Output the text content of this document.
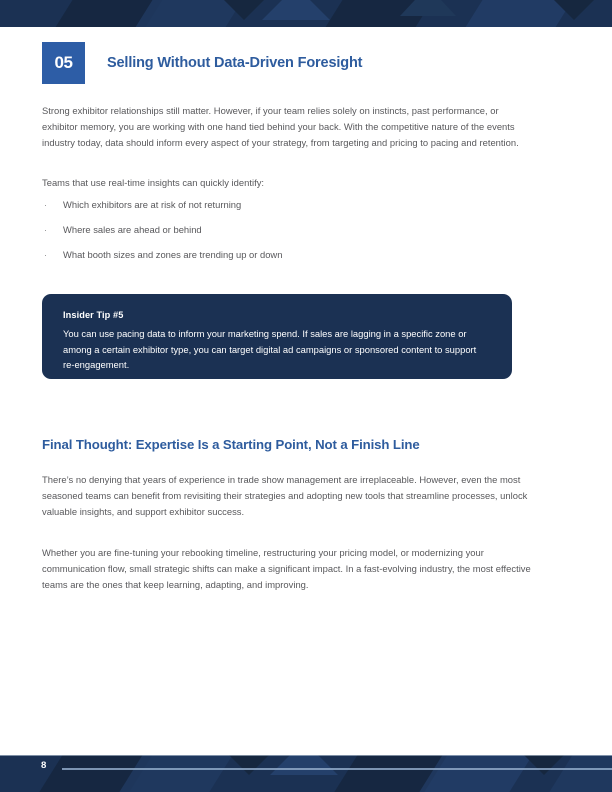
05	Selling Without Data-Driven Foresight

Strong exhibitor relationships still matter. However, if your team relies solely on instincts, past performance, or exhibitor memory, you are working with one hand tied behind your back. With the competitive nature of the events industry today, data should inform every aspect of your strategy, from targeting and pricing to pacing and retention.

Teams that use real-time insights can quickly identify:

·	Which exhibitors are at risk of not returning
·	Where sales are ahead or behind
·	What booth sizes and zones are trending up or down

Insider Tip #5

You can use pacing data to inform your marketing spend. If sales are lagging in a specific zone or among a certain exhibitor type, you can target digital ad campaigns or sponsored content to support re-engagement.

Final Thought: Expertise Is a Starting Point, Not a Finish Line

There’s no denying that years of experience in trade show management are irreplaceable. However, even the most seasoned teams can benefit from revisiting their strategies and adopting new tools that streamline processes, unlock valuable insights, and support exhibitor success.

Whether you are fine-tuning your rebooking timeline, restructuring your pricing model, or modernizing your communication flow, small strategic shifts can make a significant impact. In a fast-evolving industry, the most effective teams are the ones that keep learning, adapting, and improving.

8
